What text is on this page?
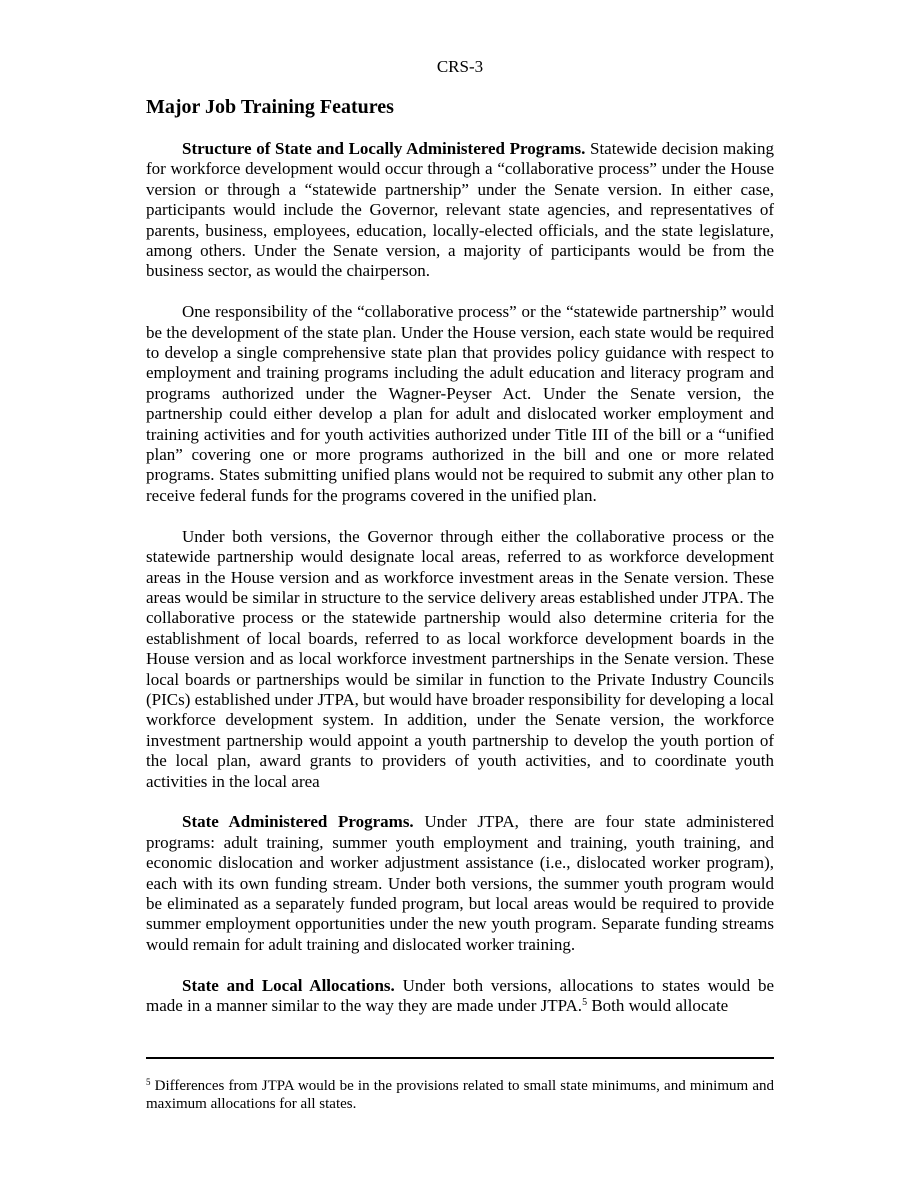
CRS-3
Major Job Training Features

Structure of State and Locally Administered Programs. Statewide decision making for workforce development would occur through a “collaborative process” under the House version or through a “statewide partnership” under the Senate version. In either case, participants would include the Governor, relevant state agencies, and representatives of parents, business, employees, education, locally-elected officials, and the state legislature, among others. Under the Senate version, a majority of participants would be from the business sector, as would the chairperson.

One responsibility of the “collaborative process” or the “statewide partnership” would be the development of the state plan. Under the House version, each state would be required to develop a single comprehensive state plan that provides policy guidance with respect to employment and training programs including the adult education and literacy program and programs authorized under the Wagner-Peyser Act. Under the Senate version, the partnership could either develop a plan for adult and dislocated worker employment and training activities and for youth activities authorized under Title III of the bill or a “unified plan” covering one or more programs authorized in the bill and one or more related programs. States submitting unified plans would not be required to submit any other plan to receive federal funds for the programs covered in the unified plan.

Under both versions, the Governor through either the collaborative process or the statewide partnership would designate local areas, referred to as workforce development areas in the House version and as workforce investment areas in the Senate version. These areas would be similar in structure to the service delivery areas established under JTPA. The collaborative process or the statewide partnership would also determine criteria for the establishment of local boards, referred to as local workforce development boards in the House version and as local workforce investment partnerships in the Senate version. These local boards or partnerships would be similar in function to the Private Industry Councils (PICs) established under JTPA, but would have broader responsibility for developing a local workforce development system. In addition, under the Senate version, the workforce investment partnership would appoint a youth partnership to develop the youth portion of the local plan, award grants to providers of youth activities, and to coordinate youth activities in the local area

State Administered Programs. Under JTPA, there are four state administered programs: adult training, summer youth employment and training, youth training, and economic dislocation and worker adjustment assistance (i.e., dislocated worker program), each with its own funding stream. Under both versions, the summer youth program would be eliminated as a separately funded program, but local areas would be required to provide summer employment opportunities under the new youth program. Separate funding streams would remain for adult training and dislocated worker training.

State and Local Allocations. Under both versions, allocations to states would be made in a manner similar to the way they are made under JTPA.$^5$ Both would allocate

$^5$ Differences from JTPA would be in the provisions related to small state minimums, and minimum and maximum allocations for all states.
